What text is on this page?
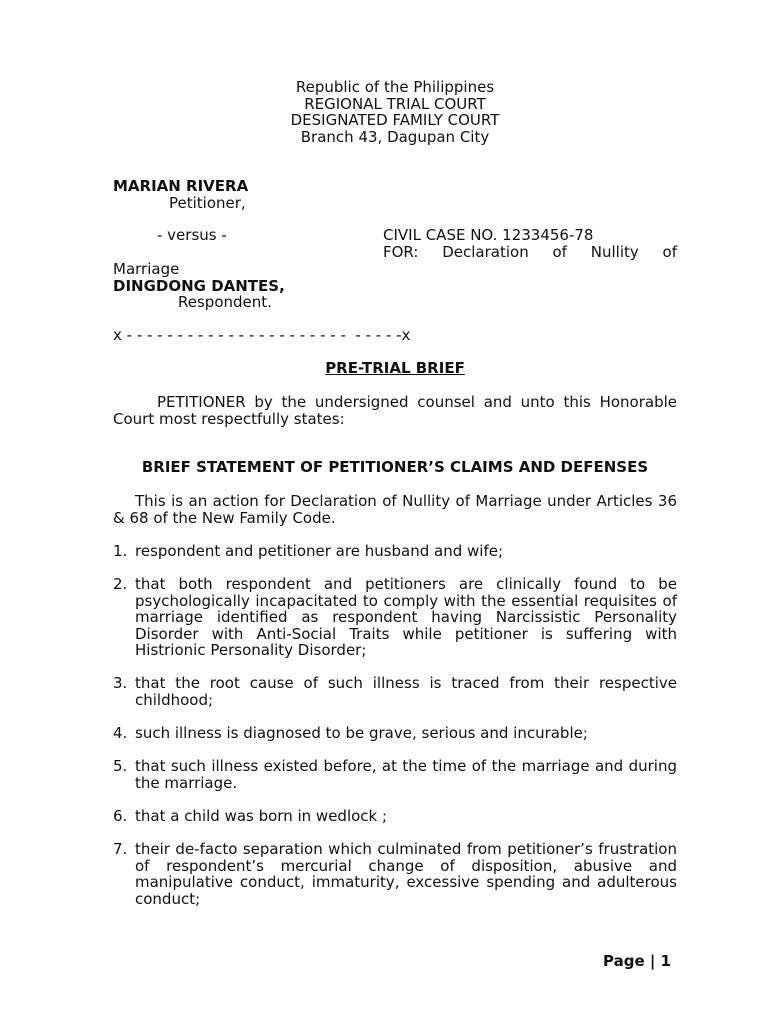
Republic of the Philippines
REGIONAL TRIAL COURT
DESIGNATED FAMILY COURT
Branch 43, Dagupan City
MARIAN RIVERA
Petitioner,
- versus -	CIVIL CASE NO. 1233456-78
FOR: Declaration of Nullity of
Marriage
DINGDONG DANTES,
Respondent.
x - - - - - - - - - - - - - - - - - - - - - -  - - - - -x
PRE-TRIAL BRIEF
PETITIONER by the undersigned counsel and unto this Honorable Court most respectfully states:
BRIEF STATEMENT OF PETITIONER’S CLAIMS AND DEFENSES
This is an action for Declaration of Nullity of Marriage under Articles 36 & 68 of the New Family Code.
1. respondent and petitioner are husband and wife;
2. that both respondent and petitioners are clinically found to be psychologically incapacitated to comply with the essential requisites of marriage identified as respondent having Narcissistic Personality Disorder with Anti-Social Traits while petitioner is suffering with Histrionic Personality Disorder;
3. that the root cause of such illness is traced from their respective childhood;
4. such illness is diagnosed to be grave, serious and incurable;
5. that such illness existed before, at the time of the marriage and during the marriage.
6. that a child was born in wedlock ;
7. their de-facto separation which culminated from petitioner’s frustration of respondent’s mercurial change of disposition, abusive and manipulative conduct, immaturity, excessive spending and adulterous conduct;
Page | 1
